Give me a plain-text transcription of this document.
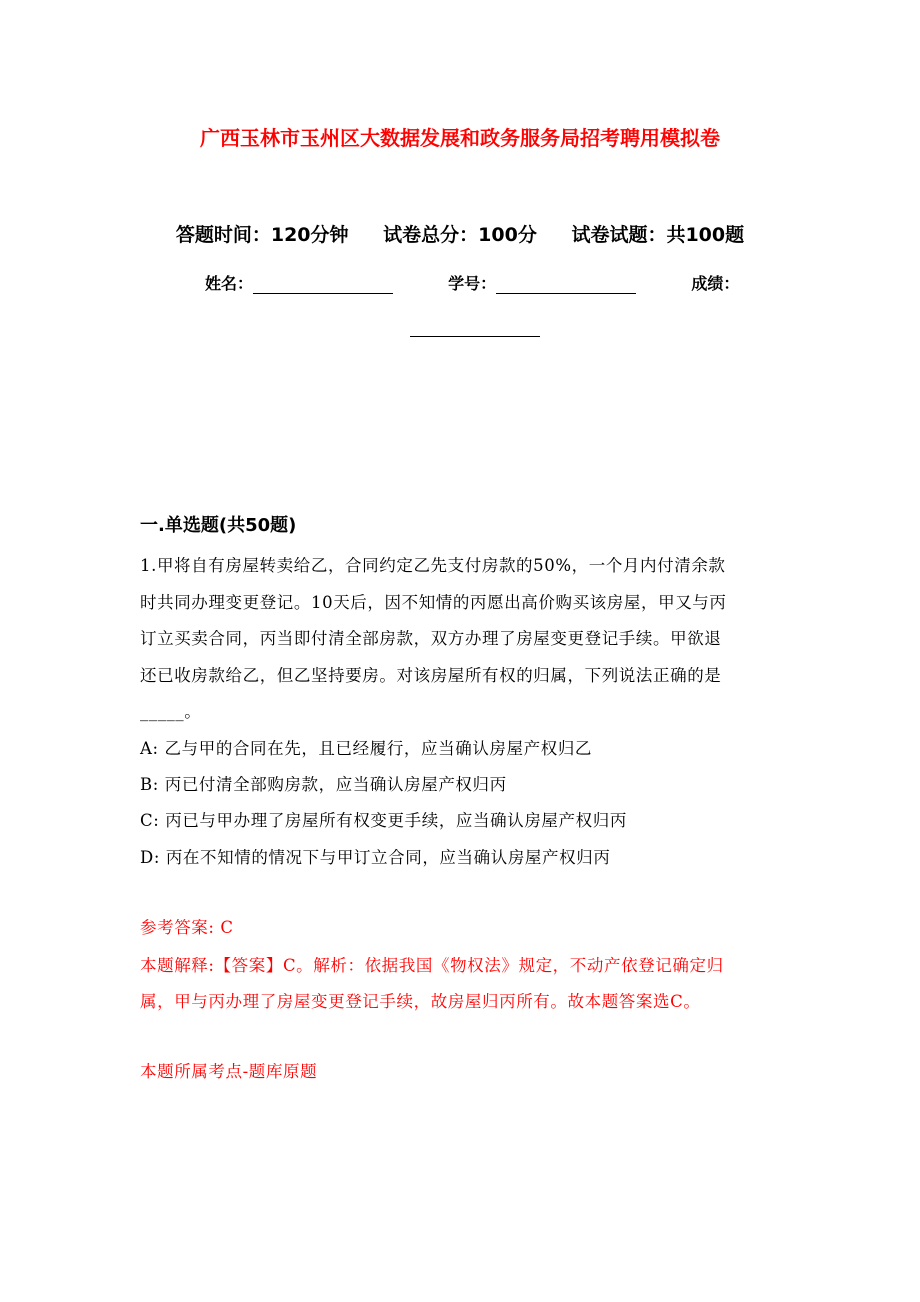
广西玉林市玉州区大数据发展和政务服务局招考聘用模拟卷
答题时间：120分钟 试卷总分：100分 试卷试题：共100题
姓名：	学号：	成绩：
一.单选题(共50题)
1.甲将自有房屋转卖给乙，合同约定乙先支付房款的50%，一个月内付清余款
时共同办理变更登记。10天后，因不知情的丙愿出高价购买该房屋，甲又与丙
订立买卖合同，丙当即付清全部房款，双方办理了房屋变更登记手续。甲欲退
还已收房款给乙，但乙坚持要房。对该房屋所有权的归属，下列说法正确的是
_____。
A: 乙与甲的合同在先，且已经履行，应当确认房屋产权归乙
B: 丙已付清全部购房款，应当确认房屋产权归丙
C: 丙已与甲办理了房屋所有权变更手续，应当确认房屋产权归丙
D: 丙在不知情的情况下与甲订立合同，应当确认房屋产权归丙
参考答案: C
本题解释:【答案】C。解析：依据我国《物权法》规定，不动产依登记确定归
属，甲与丙办理了房屋变更登记手续，故房屋归丙所有。故本题答案选C。
本题所属考点-题库原题
